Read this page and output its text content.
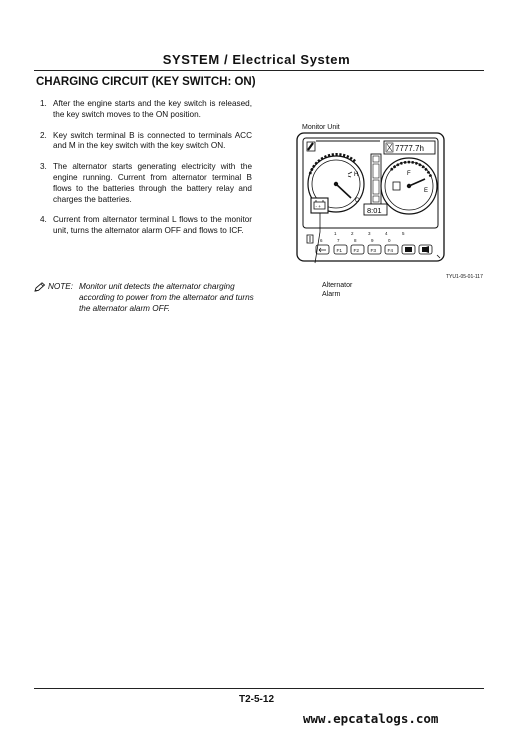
SYSTEM / Electrical System
CHARGING CIRCUIT (KEY SWITCH: ON)
1. After the engine starts and the key switch is released, the key switch moves to the ON position.
2. Key switch terminal B is connected to terminals ACC and M in the key switch with the key switch ON.
3. The alternator starts generating electricity with the engine running. Current from alternator terminal B flows to the batteries through the battery relay and charges the batteries.
4. Current from alternator terminal L flows to the monitor unit, turns the alternator alarm OFF and flows to ICF.
NOTE: Monitor unit detects the alternator charging according to power from the alternator and turns the alternator alarm OFF.
Monitor Unit
H
C
7777.7h
F
E
- +	8:01
1	2	3	4	5
6	7	8	9	0
F1 F2 F3 F4
TYU1-05-01-117
Alternator
Alarm
T2-5-12
www.epcatalogs.com
